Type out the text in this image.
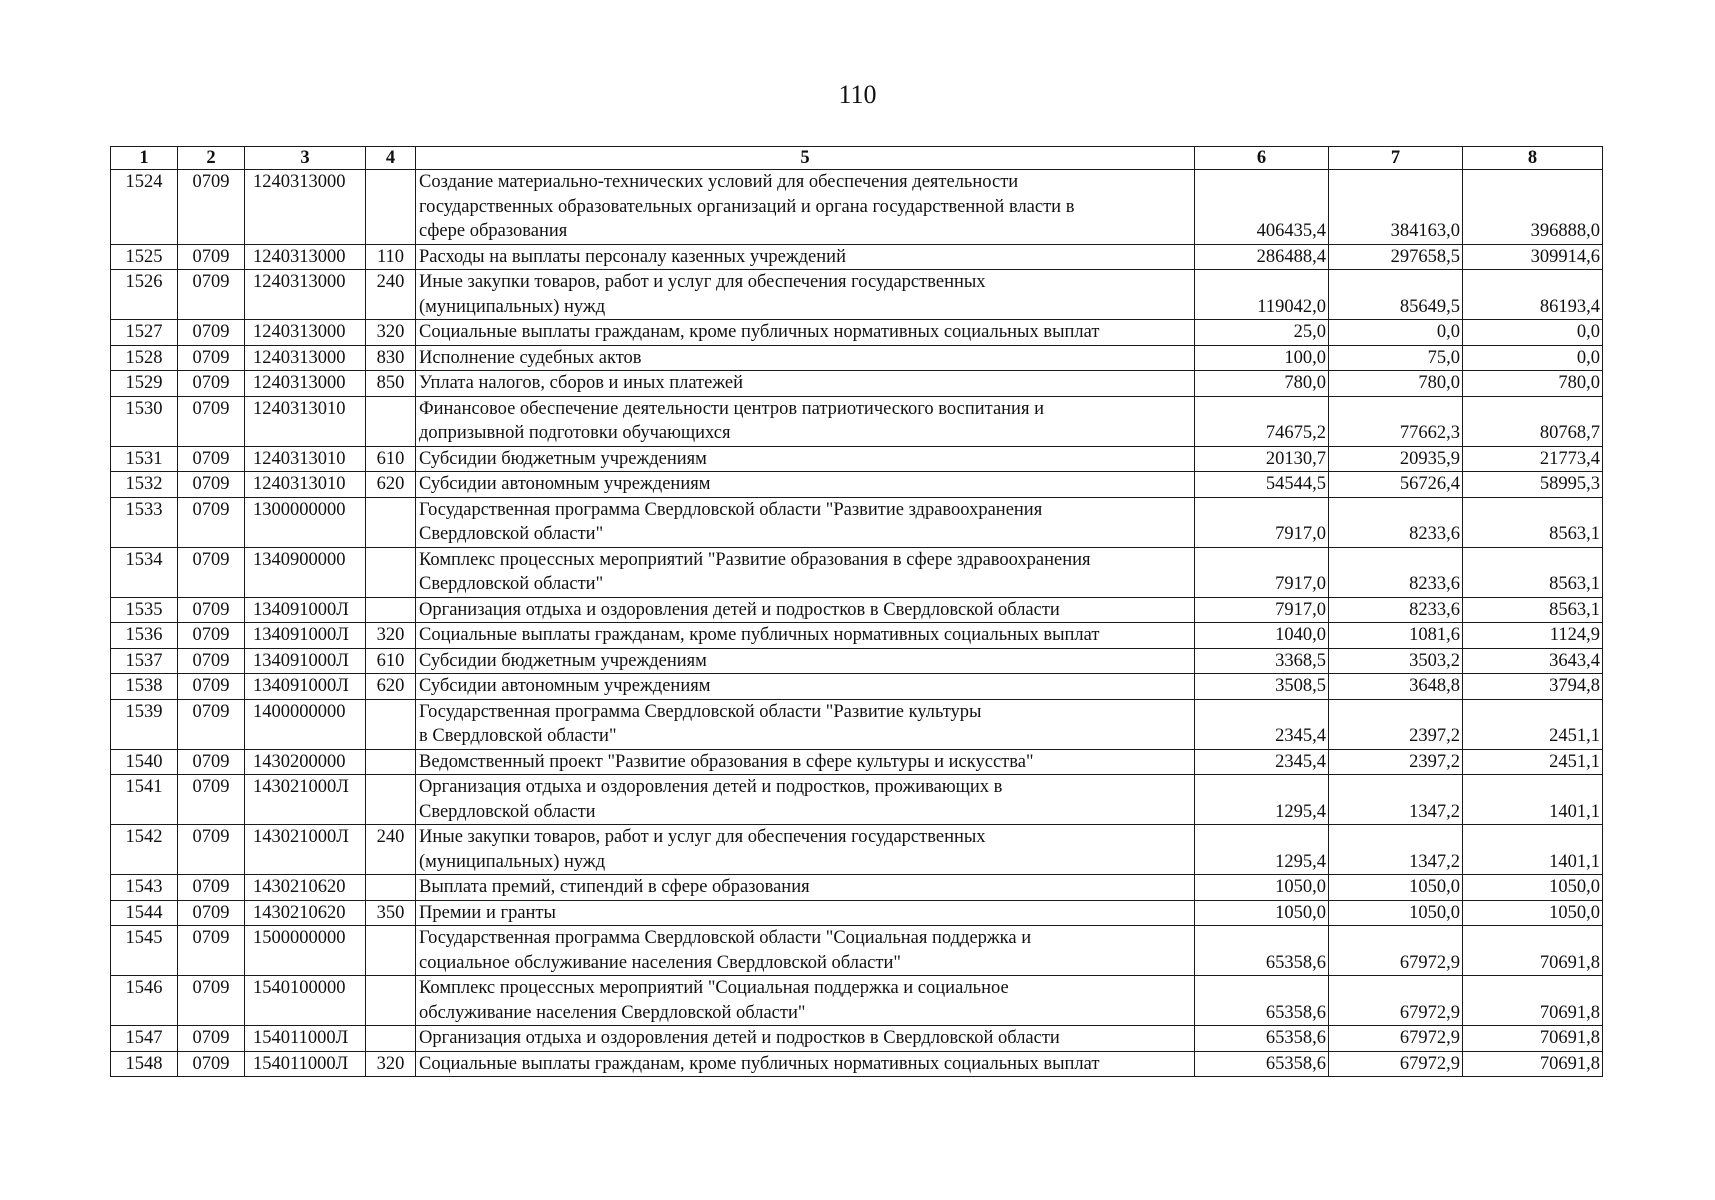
110
1	2	3	4	5	6	7	8
1524	0709	1240313000		Создание материально-технических условий для обеспечения деятельности
государственных образовательных организаций и органа государственной власти в
сфере образования	406435,4	384163,0	396888,0
1525	0709	1240313000	110	Расходы на выплаты персоналу казенных учреждений	286488,4	297658,5	309914,6
1526	0709	1240313000	240	Иные закупки товаров, работ и услуг для обеспечения государственных
(муниципальных) нужд	119042,0	85649,5	86193,4
1527	0709	1240313000	320	Социальные выплаты гражданам, кроме публичных нормативных социальных выплат	25,0	0,0	0,0
1528	0709	1240313000	830	Исполнение судебных актов	100,0	75,0	0,0
1529	0709	1240313000	850	Уплата налогов, сборов и иных платежей	780,0	780,0	780,0
1530	0709	1240313010		Финансовое обеспечение деятельности центров патриотического воспитания и
допризывной подготовки обучающихся	74675,2	77662,3	80768,7
1531	0709	1240313010	610	Субсидии бюджетным учреждениям	20130,7	20935,9	21773,4
1532	0709	1240313010	620	Субсидии автономным учреждениям	54544,5	56726,4	58995,3
1533	0709	1300000000		Государственная программа Свердловской области "Развитие здравоохранения
Свердловской области"	7917,0	8233,6	8563,1
1534	0709	1340900000		Комплекс процессных мероприятий "Развитие образования в сфере здравоохранения
Свердловской области"	7917,0	8233,6	8563,1
1535	0709	134091000Л		Организация отдыха и оздоровления детей и подростков в Свердловской области	7917,0	8233,6	8563,1
1536	0709	134091000Л	320	Социальные выплаты гражданам, кроме публичных нормативных социальных выплат	1040,0	1081,6	1124,9
1537	0709	134091000Л	610	Субсидии бюджетным учреждениям	3368,5	3503,2	3643,4
1538	0709	134091000Л	620	Субсидии автономным учреждениям	3508,5	3648,8	3794,8
1539	0709	1400000000		Государственная программа Свердловской области "Развитие культуры
в Свердловской области"	2345,4	2397,2	2451,1
1540	0709	1430200000		Ведомственный проект "Развитие образования в сфере культуры и искусства"	2345,4	2397,2	2451,1
1541	0709	143021000Л		Организация отдыха и оздоровления детей и подростков, проживающих в
Свердловской области	1295,4	1347,2	1401,1
1542	0709	143021000Л	240	Иные закупки товаров, работ и услуг для обеспечения государственных
(муниципальных) нужд	1295,4	1347,2	1401,1
1543	0709	1430210620		Выплата премий, стипендий в сфере образования	1050,0	1050,0	1050,0
1544	0709	1430210620	350	Премии и гранты	1050,0	1050,0	1050,0
1545	0709	1500000000		Государственная программа Свердловской области "Социальная поддержка и
социальное обслуживание населения Свердловской области"	65358,6	67972,9	70691,8
1546	0709	1540100000		Комплекс процессных мероприятий "Социальная поддержка и социальное
обслуживание населения Свердловской области"	65358,6	67972,9	70691,8
1547	0709	154011000Л		Организация отдыха и оздоровления детей и подростков в Свердловской области	65358,6	67972,9	70691,8
1548	0709	154011000Л	320	Социальные выплаты гражданам, кроме публичных нормативных социальных выплат	65358,6	67972,9	70691,8
